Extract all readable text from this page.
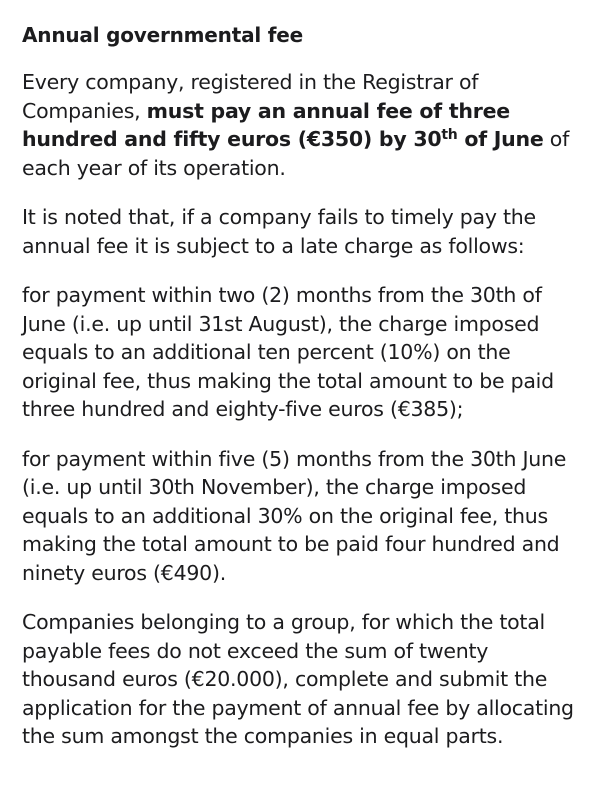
Annual governmental fee

Every company, registered in the Registrar of Companies, must pay an annual fee of three hundred and fifty euros (€350) by 30th of June of each year of its operation.

It is noted that, if a company fails to timely pay the annual fee it is subject to a late charge as follows:

for payment within two (2) months from the 30th of June (i.e. up until 31st August), the charge imposed equals to an additional ten percent (10%) on the original fee, thus making the total amount to be paid three hundred and eighty-five euros (€385);

for payment within five (5) months from the 30th June (i.e. up until 30th November), the charge imposed equals to an additional 30% on the original fee, thus making the total amount to be paid four hundred and ninety euros (€490).

Companies belonging to a group, for which the total payable fees do not exceed the sum of twenty thousand euros (€20.000), complete and submit the application for the payment of annual fee by allocating the sum amongst the companies in equal parts.
